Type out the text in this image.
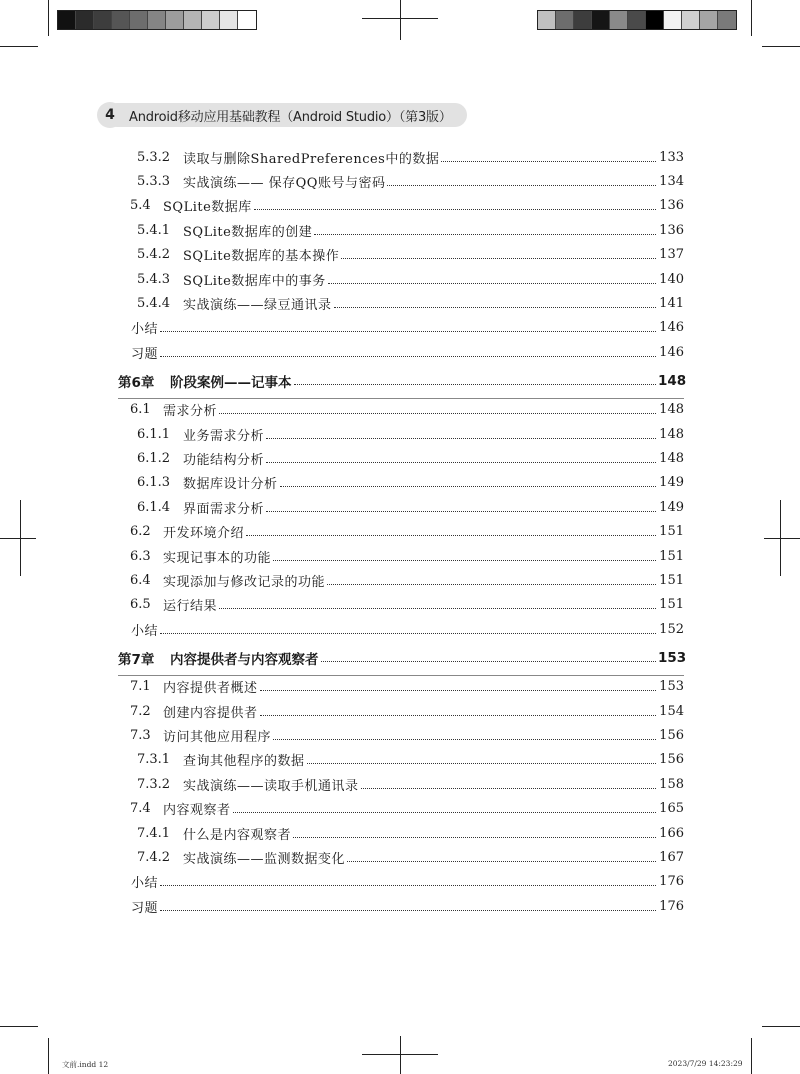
4	Android移动应用基础教程（Android Studio）（第3版）
5.3.2 读取与删除SharedPreferences中的数据	133
5.3.3 实战演练—— 保存QQ账号与密码	134
5.4 SQLite数据库	136
5.4.1 SQLite数据库的创建	136
5.4.2 SQLite数据库的基本操作	137
5.4.3 SQLite数据库中的事务	140
5.4.4 实战演练——绿豆通讯录	141
小结	146
习题	146
第6章	阶段案例——记事本	148
6.1 需求分析	148
6.1.1 业务需求分析	148
6.1.2 功能结构分析	148
6.1.3 数据库设计分析	149
6.1.4 界面需求分析	149
6.2 开发环境介绍	151
6.3 实现记事本的功能	151
6.4 实现添加与修改记录的功能	151
6.5 运行结果	151
小结	152
第7章	内容提供者与内容观察者	153
7.1 内容提供者概述	153
7.2 创建内容提供者	154
7.3 访问其他应用程序	156
7.3.1 查询其他程序的数据	156
7.3.2 实战演练——读取手机通讯录	158
7.4 内容观察者	165
7.4.1 什么是内容观察者	166
7.4.2 实战演练——监测数据变化	167
小结	176
习题	176
文前.indd 12	2023/7/29 14:23:29
